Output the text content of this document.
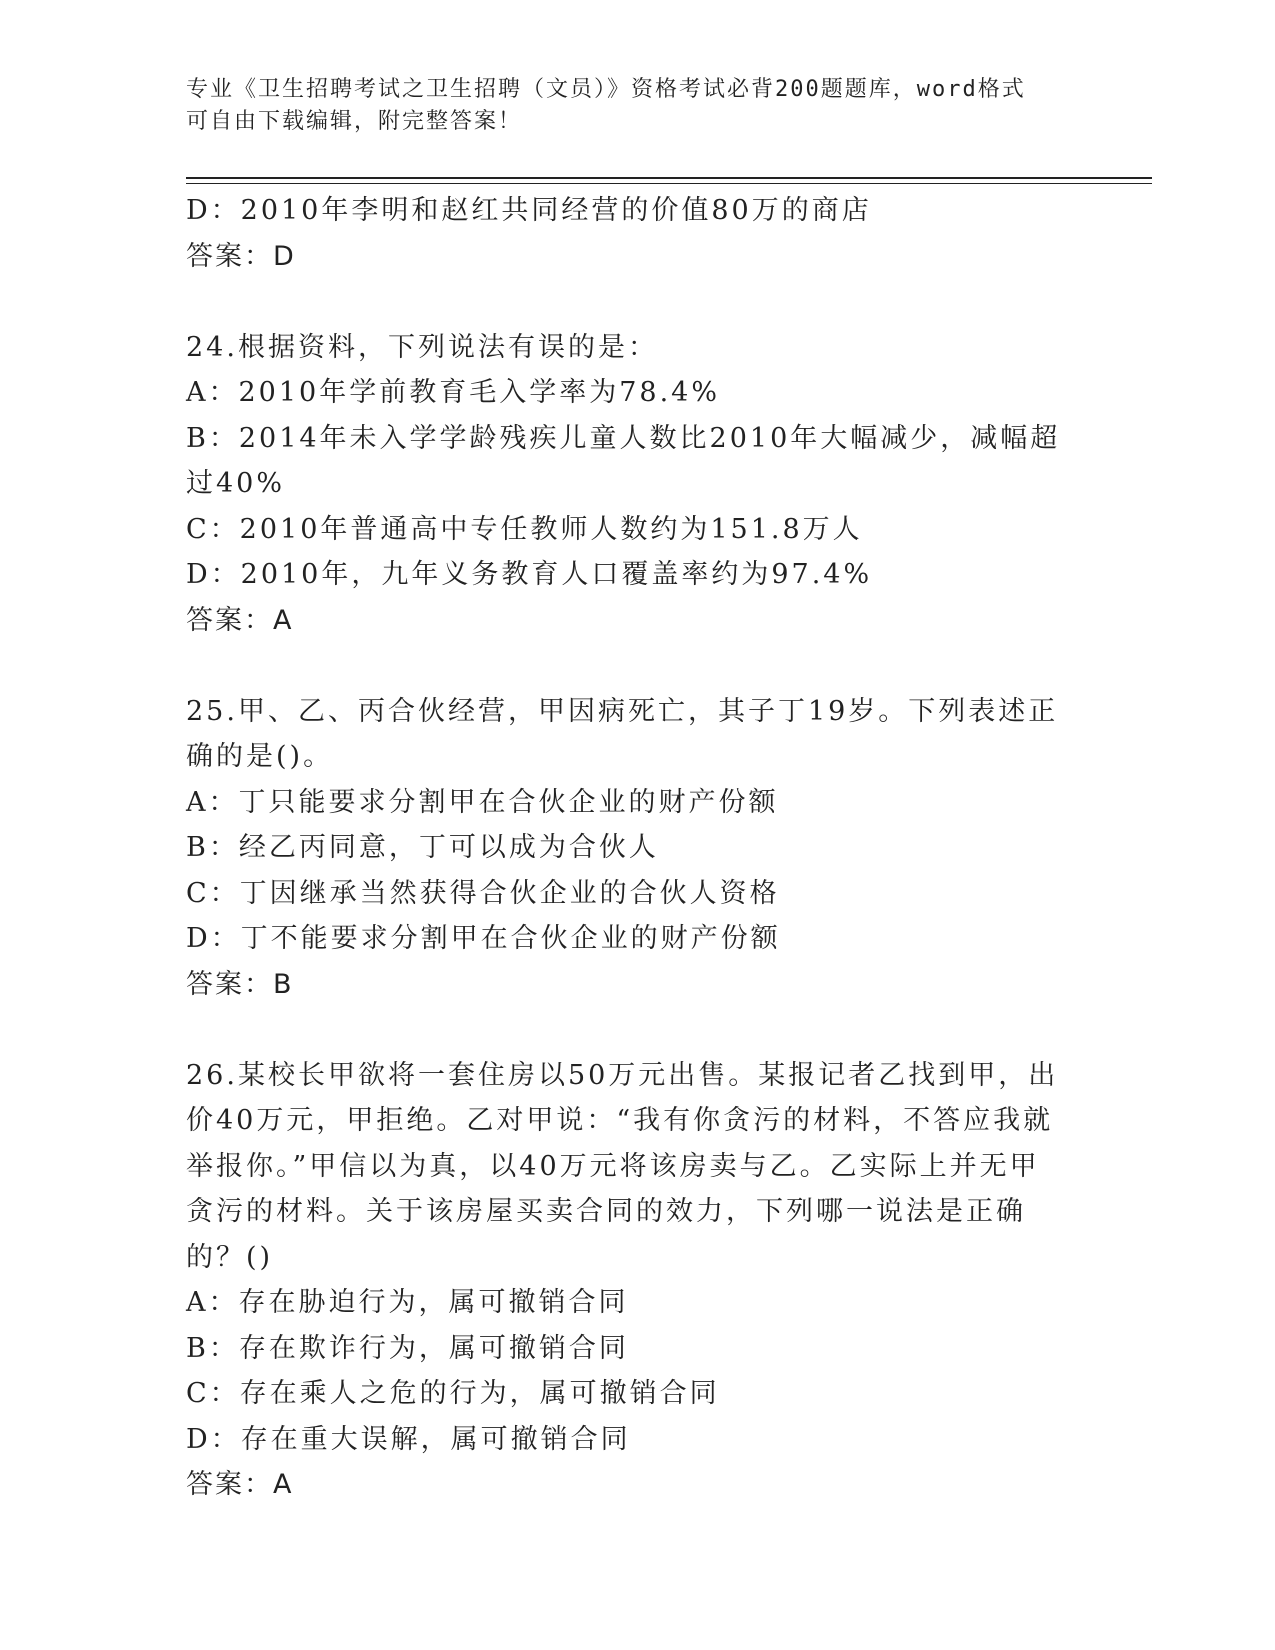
专业《卫生招聘考试之卫生招聘（文员）》资格考试必背200题题库，word格式
可自由下载编辑，附完整答案！
D：2010年李明和赵红共同经营的价值80万的商店
答案：D
24.根据资料，下列说法有误的是：
A：2010年学前教育毛入学率为78.4%
B：2014年未入学学龄残疾儿童人数比2010年大幅减少，减幅超过40%
C：2010年普通高中专任教师人数约为151.8万人
D：2010年，九年义务教育人口覆盖率约为97.4%
答案：A
25.甲、乙、丙合伙经营，甲因病死亡，其子丁19岁。下列表述正确的是()。
A：丁只能要求分割甲在合伙企业的财产份额
B：经乙丙同意，丁可以成为合伙人
C：丁因继承当然获得合伙企业的合伙人资格
D：丁不能要求分割甲在合伙企业的财产份额
答案：B
26.某校长甲欲将一套住房以50万元出售。某报记者乙找到甲，出价40万元，甲拒绝。乙对甲说：“我有你贪污的材料，不答应我就举报你。”甲信以为真，以40万元将该房卖与乙。乙实际上并无甲贪污的材料。关于该房屋买卖合同的效力，下列哪一说法是正确的？()
A：存在胁迫行为，属可撤销合同
B：存在欺诈行为，属可撤销合同
C：存在乘人之危的行为，属可撤销合同
D：存在重大误解，属可撤销合同
答案：A
